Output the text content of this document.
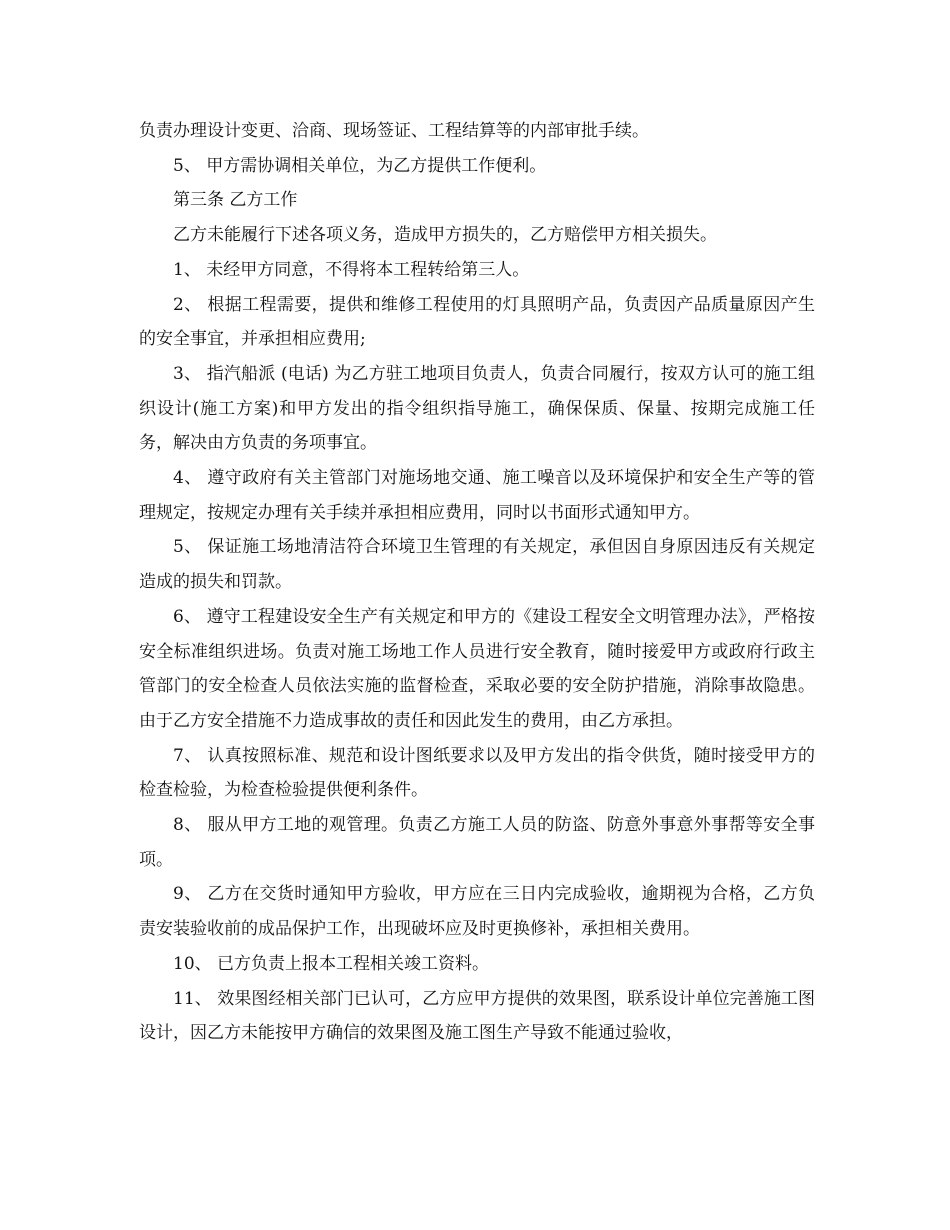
负责办理设计变更、洽商、现场签证、工程结算等的内部审批手续。

5、 甲方需协调相关单位，为乙方提供工作便利。

第三条 乙方工作

乙方未能履行下述各项义务，造成甲方损失的，乙方赔偿甲方相关损失。

1、 未经甲方同意，不得将本工程转给第三人。

2、 根据工程需要，提供和维修工程使用的灯具照明产品，负责因产品质量原因产生的安全事宜，并承担相应费用;

3、 指汽船派 (电话) 为乙方驻工地项目负责人，负责合同履行，按双方认可的施工组织设计(施工方案)和甲方发出的指令组织指导施工，确保保质、保量、按期完成施工任务，解决由方负责的务项事宜。

4、 遵守政府有关主管部门对施场地交通、施工噪音以及环境保护和安全生产等的管理规定，按规定办理有关手续并承担相应费用，同时以书面形式通知甲方。

5、 保证施工场地清洁符合环境卫生管理的有关规定，承但因自身原因违反有关规定造成的损失和罚款。

6、 遵守工程建设安全生产有关规定和甲方的《建设工程安全文明管理办法》，严格按安全标准组织进场。负责对施工场地工作人员进行安全教育，随时接爱甲方或政府行政主管部门的安全检查人员依法实施的监督检查，采取必要的安全防护措施，消除事故隐患。由于乙方安全措施不力造成事故的责任和因此发生的费用，由乙方承担。

7、 认真按照标准、规范和设计图纸要求以及甲方发出的指令供货，随时接受甲方的检查检验，为检查检验提供便利条件。

8、 服从甲方工地的观管理。负责乙方施工人员的防盗、防意外事意外事帮等安全事项。

9、 乙方在交货时通知甲方验收，甲方应在三日内完成验收，逾期视为合格，乙方负责安装验收前的成品保护工作，出现破坏应及时更换修补，承担相关费用。

10、 已方负责上报本工程相关竣工资料。

11、 效果图经相关部门已认可，乙方应甲方提供的效果图，联系设计单位完善施工图设计，因乙方未能按甲方确信的效果图及施工图生产导致不能通过验收，
